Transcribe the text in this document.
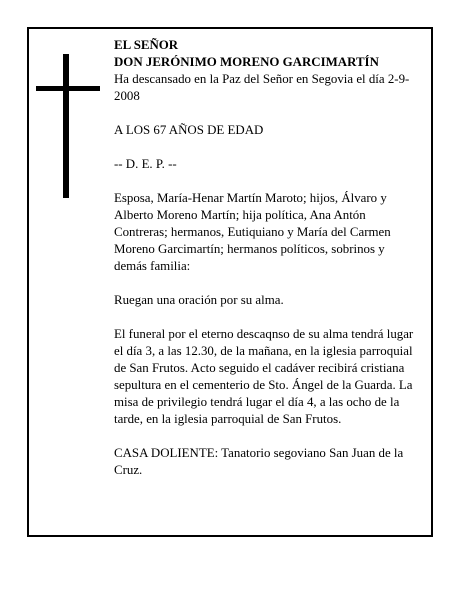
EL SEÑOR

DON JERÓNIMO MORENO GARCIMARTÍN

Ha descansado en la Paz del Señor en Segovia el día 2-9-2008

A LOS 67 AÑOS DE EDAD

-- D. E. P. --

Esposa, María-Henar Martín Maroto; hijos, Álvaro y Alberto Moreno Martín; hija política, Ana Antón Contreras; hermanos, Eutiquiano y María del Carmen Moreno Garcimartín; hermanos políticos, sobrinos y demás familia:

Ruegan una oración por su alma.

El funeral por el eterno descaqnso de su alma tendrá lugar el día 3, a las 12.30, de la mañana, en la iglesia parroquial de San Frutos. Acto seguido el cadáver recibirá cristiana sepultura en el cementerio de Sto. Ángel de la Guarda. La misa de privilegio tendrá lugar el día 4, a las ocho de la tarde, en la iglesia parroquial de San Frutos.

CASA DOLIENTE: Tanatorio segoviano San Juan de la Cruz.
